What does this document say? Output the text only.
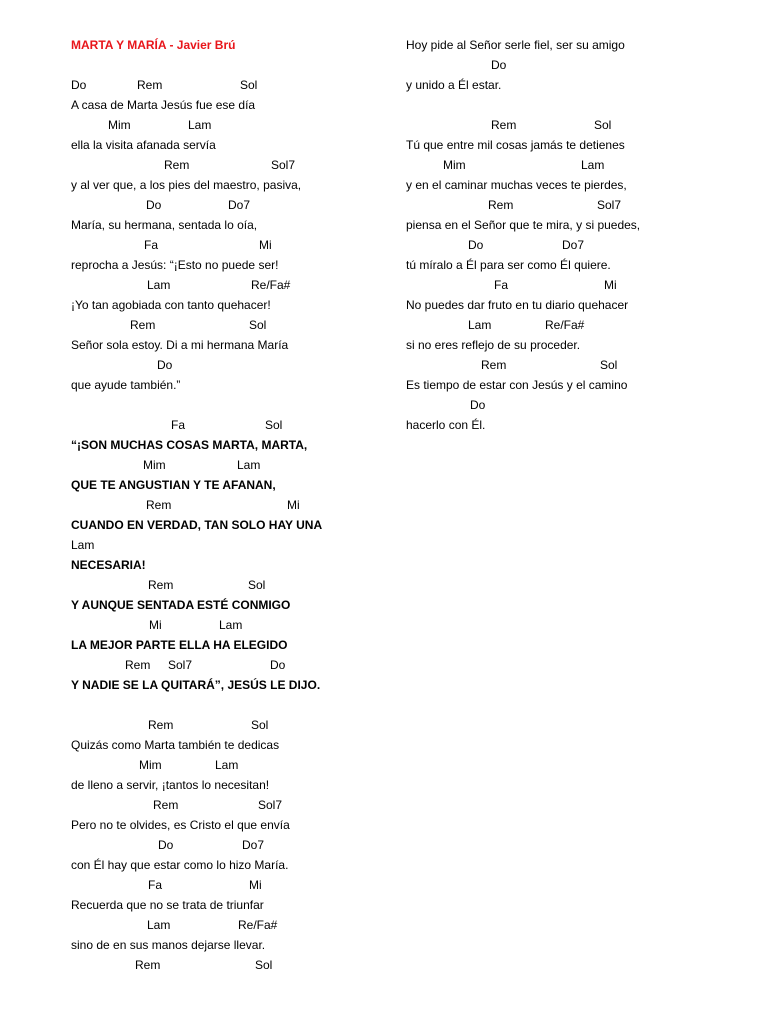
MARTA Y MARÍA - Javier Brú
Do	Rem	Sol
A casa de Marta Jesús fue ese día
Mim	Lam
ella la visita afanada servía
Rem	Sol7
y al ver que, a los pies del maestro, pasiva,
Do	Do7
María, su hermana, sentada lo oía,
Fa	Mi
reprocha a Jesús: “¡Esto no puede ser!
Lam	Re/Fa#
¡Yo tan agobiada con tanto quehacer!
Rem	Sol
Señor sola estoy. Di a mi hermana María
Do
que ayude también.”
Fa	Sol
“¡SON MUCHAS COSAS MARTA, MARTA,
Mim	Lam
QUE TE ANGUSTIAN Y TE AFANAN,
Rem	Mi
CUANDO EN VERDAD, TAN SOLO HAY UNA
Lam
NECESARIA!
Rem	Sol
Y AUNQUE SENTADA ESTÉ CONMIGO
Mi	Lam
LA MEJOR PARTE ELLA HA ELEGIDO
Rem Sol7	Do
Y NADIE SE LA QUITARÁ”, JESÚS LE DIJO.
Rem	Sol
Quizás como Marta también te dedicas
Mim	Lam
de lleno a servir, ¡tantos lo necesitan!
Rem	Sol7
Pero no te olvides, es Cristo el que envía
Do	Do7
con Él hay que estar como lo hizo María.
Fa	Mi
Recuerda que no se trata de triunfar
Lam	Re/Fa#
sino de en sus manos dejarse llevar.
Rem	Sol
Hoy pide al Señor serle fiel, ser su amigo
Do
y unido a Él estar.
Rem	Sol
Tú que entre mil cosas jamás te detienes
Mim	Lam
y en el caminar muchas veces te pierdes,
Rem	Sol7
piensa en el Señor que te mira, y si puedes,
Do	Do7
tú míralo a Él para ser como Él quiere.
Fa	Mi
No puedes dar fruto en tu diario quehacer
Lam	Re/Fa#
si no eres reflejo de su proceder.
Rem	Sol
Es tiempo de estar con Jesús y el camino
Do
hacerlo con Él.
